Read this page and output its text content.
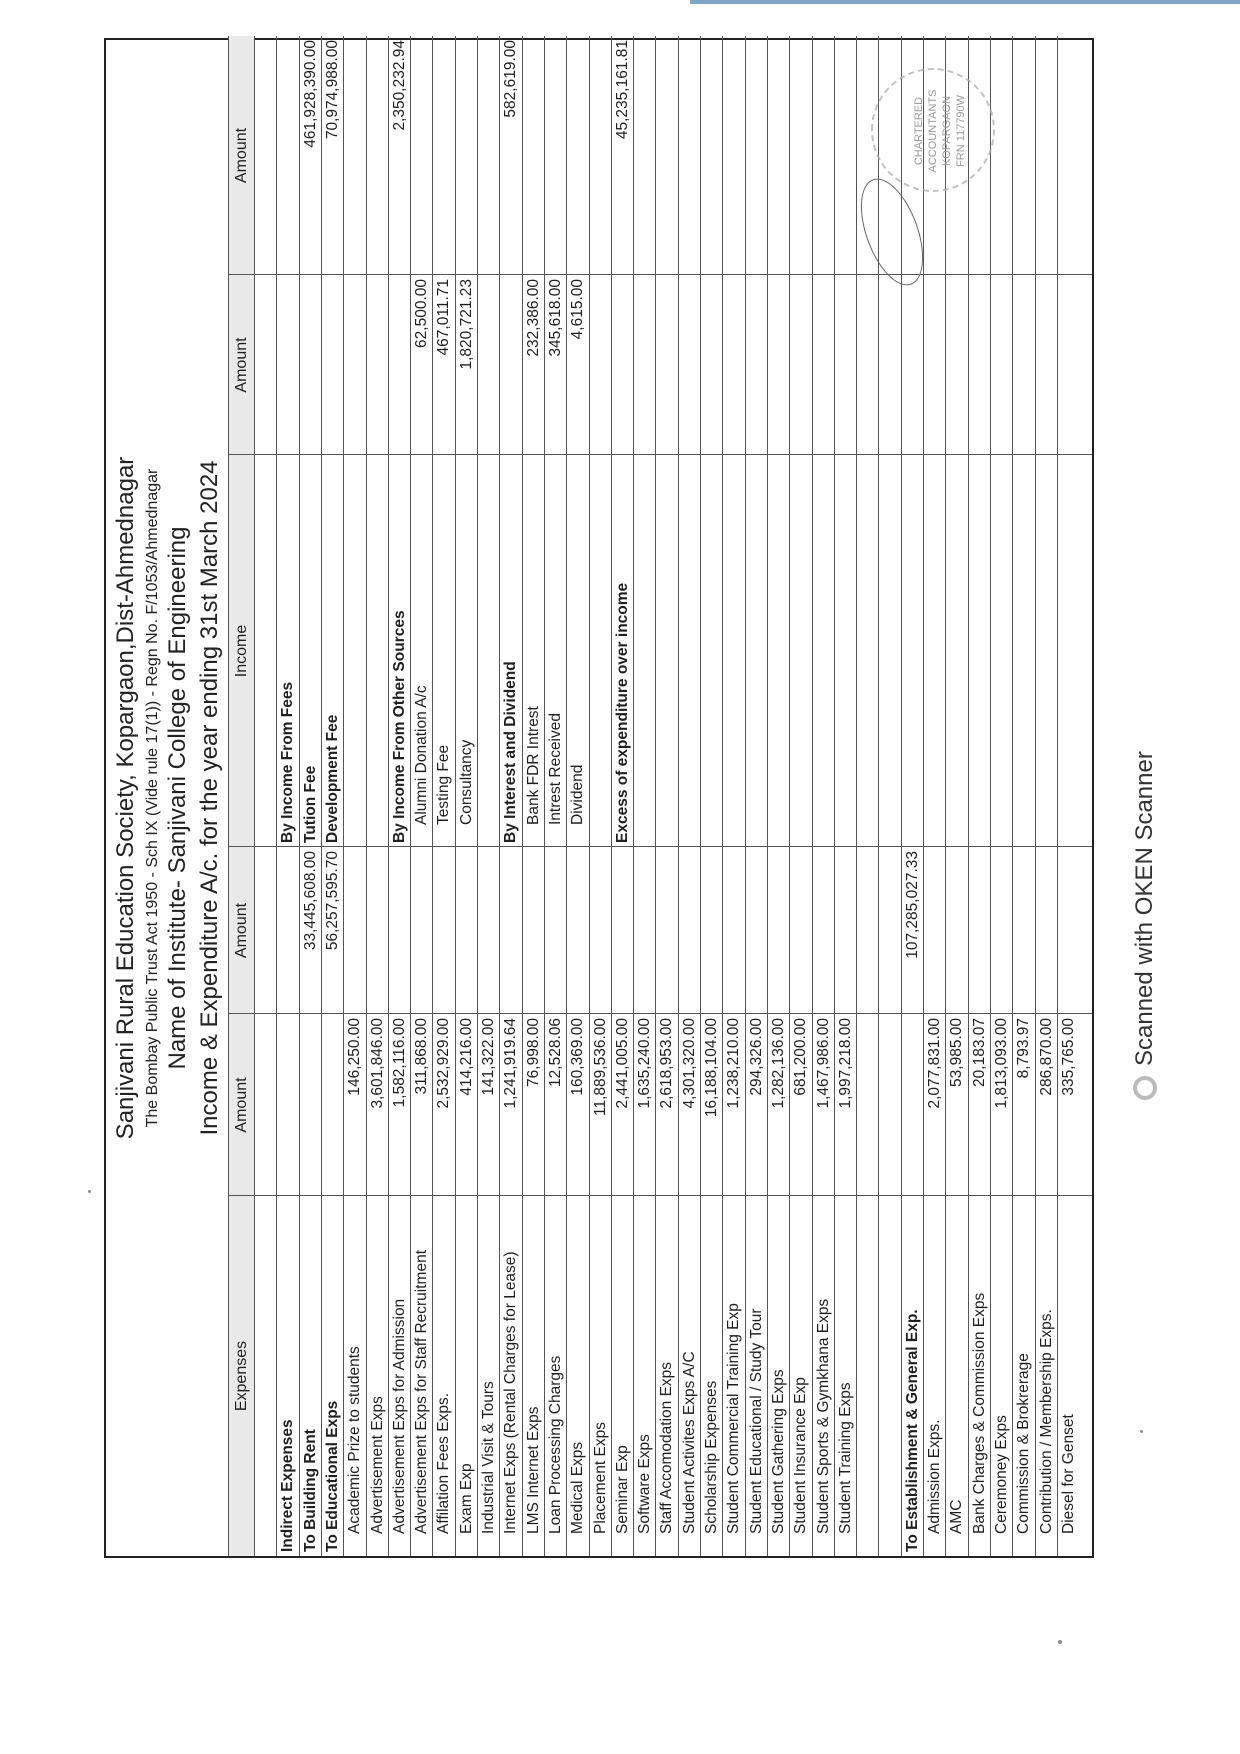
Sanjivani Rural Education Society, Kopargaon,Dist-Ahmednagar The Bombay Public Trust Act 1950 - Sch IX (Vide rule 17(1)) - Regn No. F/1053/Ahmednagar Name of Institute- Sanjivani College of Engineering Income & Expenditure A/c. for the year ending 31st March 2024
Expenses
Amount
Amount
Income
Amount
Amount
Indirect Expenses
By Income From Fees
To Building Rent
33,445,608.00
Tution Fee
461,928,390.00
To Educational Exps
56,257,595.70
Development Fee
70,974,988.00
Academic Prize to students
146,250.00
Advertisement Exps
3,601,846.00
Advertisement Exps for Admission
1,582,116.00
By Income From Other Sources
2,350,232.94
Advertisement Exps for Staff Recruitment
311,868.00
Alumni Donation A/c
62,500.00
Affilation Fees Exps.
2,532,929.00
Testing Fee
467,011.71
Exam Exp
414,216.00
Consultancy
1,820,721.23
Industrial Visit & Tours
141,322.00
Internet Exps (Rental Charges for Lease)
1,241,919.64
By Interest and Dividend
582,619.00
LMS Internet Exps
76,998.00
Bank FDR Intrest
232,386.00
Loan Processing Charges
12,528.06
Intrest Received
345,618.00
Medical Exps
160,369.00
Dividend
4,615.00
Placement Exps
11,889,536.00
Seminar Exp
2,441,005.00
Excess of expenditure over income
45,235,161.81
Software Exps
1,635,240.00
Staff Accomodation Exps
2,618,953.00
Student Activites Exps A/C
4,301,320.00
Scholarship Expenses
16,188,104.00
Student Commercial Training Exp
1,238,210.00
Student Educational / Study Tour
294,326.00
Student Gathering Exps
1,282,136.00
Student Insurance Exp
681,200.00
Student Sports & Gymkhana Exps
1,467,986.00
Student Training Exps
1,997,218.00
To Establishment & General Exp.
107,285,027.33
Admission Exps.
2,077,831.00
AMC
53,985.00
Bank Charges & Commission Exps
20,183.07
Ceremoney Exps
1,813,093.00
Commission & Brokrerage
8,793.97
Contribution / Membership Exps.
286,870.00
Diesel for Genset
335,765.00
CHARTERED ACCOUNTANTS KOPARGAON FRN 117790W
Scanned with OKEN Scanner
